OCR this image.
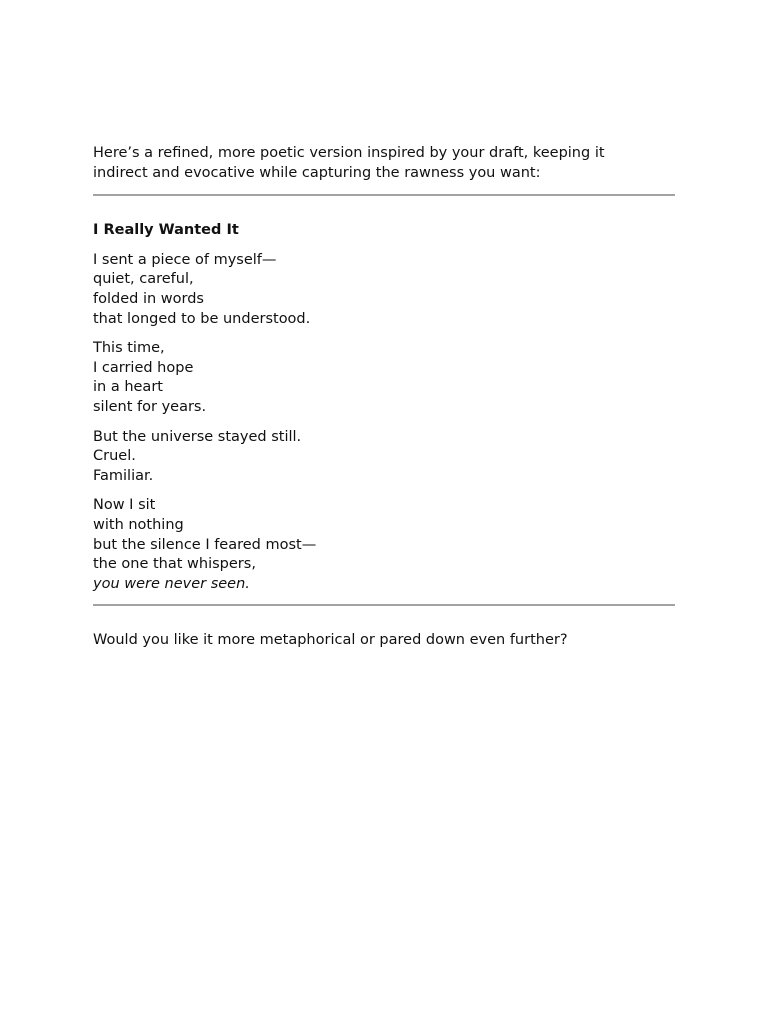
Here’s a refined, more poetic version inspired by your draft, keeping it
indirect and evocative while capturing the rawness you want:

I Really Wanted It

I sent a piece of myself—
quiet, careful,
folded in words
that longed to be understood.

This time,
I carried hope
in a heart
silent for years.

But the universe stayed still.
Cruel.
Familiar.

Now I sit
with nothing
but the silence I feared most—
the one that whispers,
you were never seen.

Would you like it more metaphorical or pared down even further?
